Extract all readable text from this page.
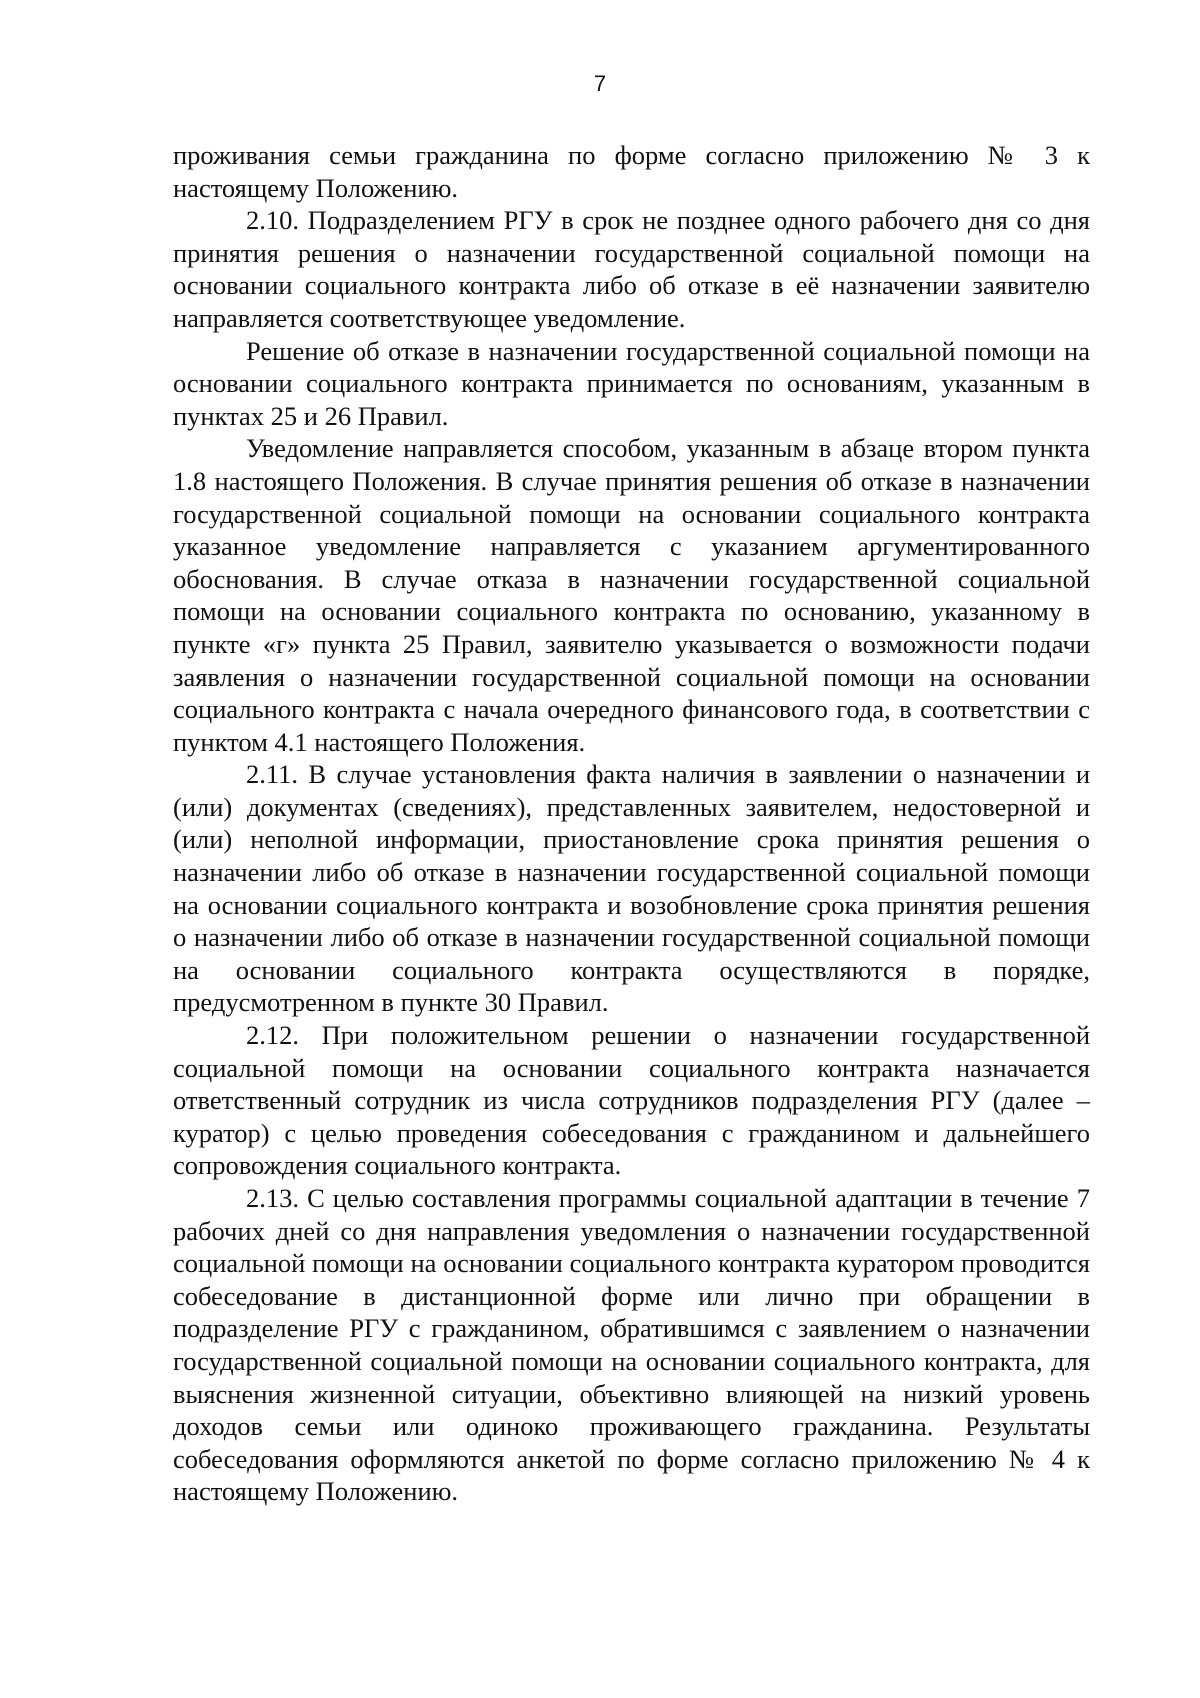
7

проживания семьи гражданина по форме согласно приложению № 3 к настоящему Положению.

2.10. Подразделением РГУ в срок не позднее одного рабочего дня со дня принятия решения о назначении государственной социальной помощи на основании социального контракта либо об отказе в её назначении заявителю направляется соответствующее уведомление.

Решение об отказе в назначении государственной социальной помощи на основании социального контракта принимается по основаниям, указанным в пунктах 25 и 26 Правил.

Уведомление направляется способом, указанным в абзаце втором пункта 1.8 настоящего Положения. В случае принятия решения об отказе в назначении государственной социальной помощи на основании социального контракта указанное уведомление направляется с указанием аргументированного обоснования. В случае отказа в назначении государственной социальной помощи на основании социального контракта по основанию, указанному в пункте «г» пункта 25 Правил, заявителю указывается о возможности подачи заявления о назначении государственной социальной помощи на основании социального контракта с начала очередного финансового года, в соответствии с пунктом 4.1 настоящего Положения.

2.11. В случае установления факта наличия в заявлении о назначении и (или) документах (сведениях), представленных заявителем, недостоверной и (или) неполной информации, приостановление срока принятия решения о назначении либо об отказе в назначении государственной социальной помощи на основании социального контракта и возобновление срока принятия решения о назначении либо об отказе в назначении государственной социальной помощи на основании социального контракта осуществляются в порядке, предусмотренном в пункте 30 Правил.

2.12. При положительном решении о назначении государственной социальной помощи на основании социального контракта назначается ответственный сотрудник из числа сотрудников подразделения РГУ (далее – куратор) с целью проведения собеседования с гражданином и дальнейшего сопровождения социального контракта.

2.13. С целью составления программы социальной адаптации в течение 7 рабочих дней со дня направления уведомления о назначении государственной социальной помощи на основании социального контракта куратором проводится собеседование в дистанционной форме или лично при обращении в подразделение РГУ с гражданином, обратившимся с заявлением о назначении государственной социальной помощи на основании социального контракта, для выяснения жизненной ситуации, объективно влияющей на низкий уровень доходов семьи или одиноко проживающего гражданина. Результаты собеседования оформляются анкетой по форме согласно приложению № 4 к настоящему Положению.
